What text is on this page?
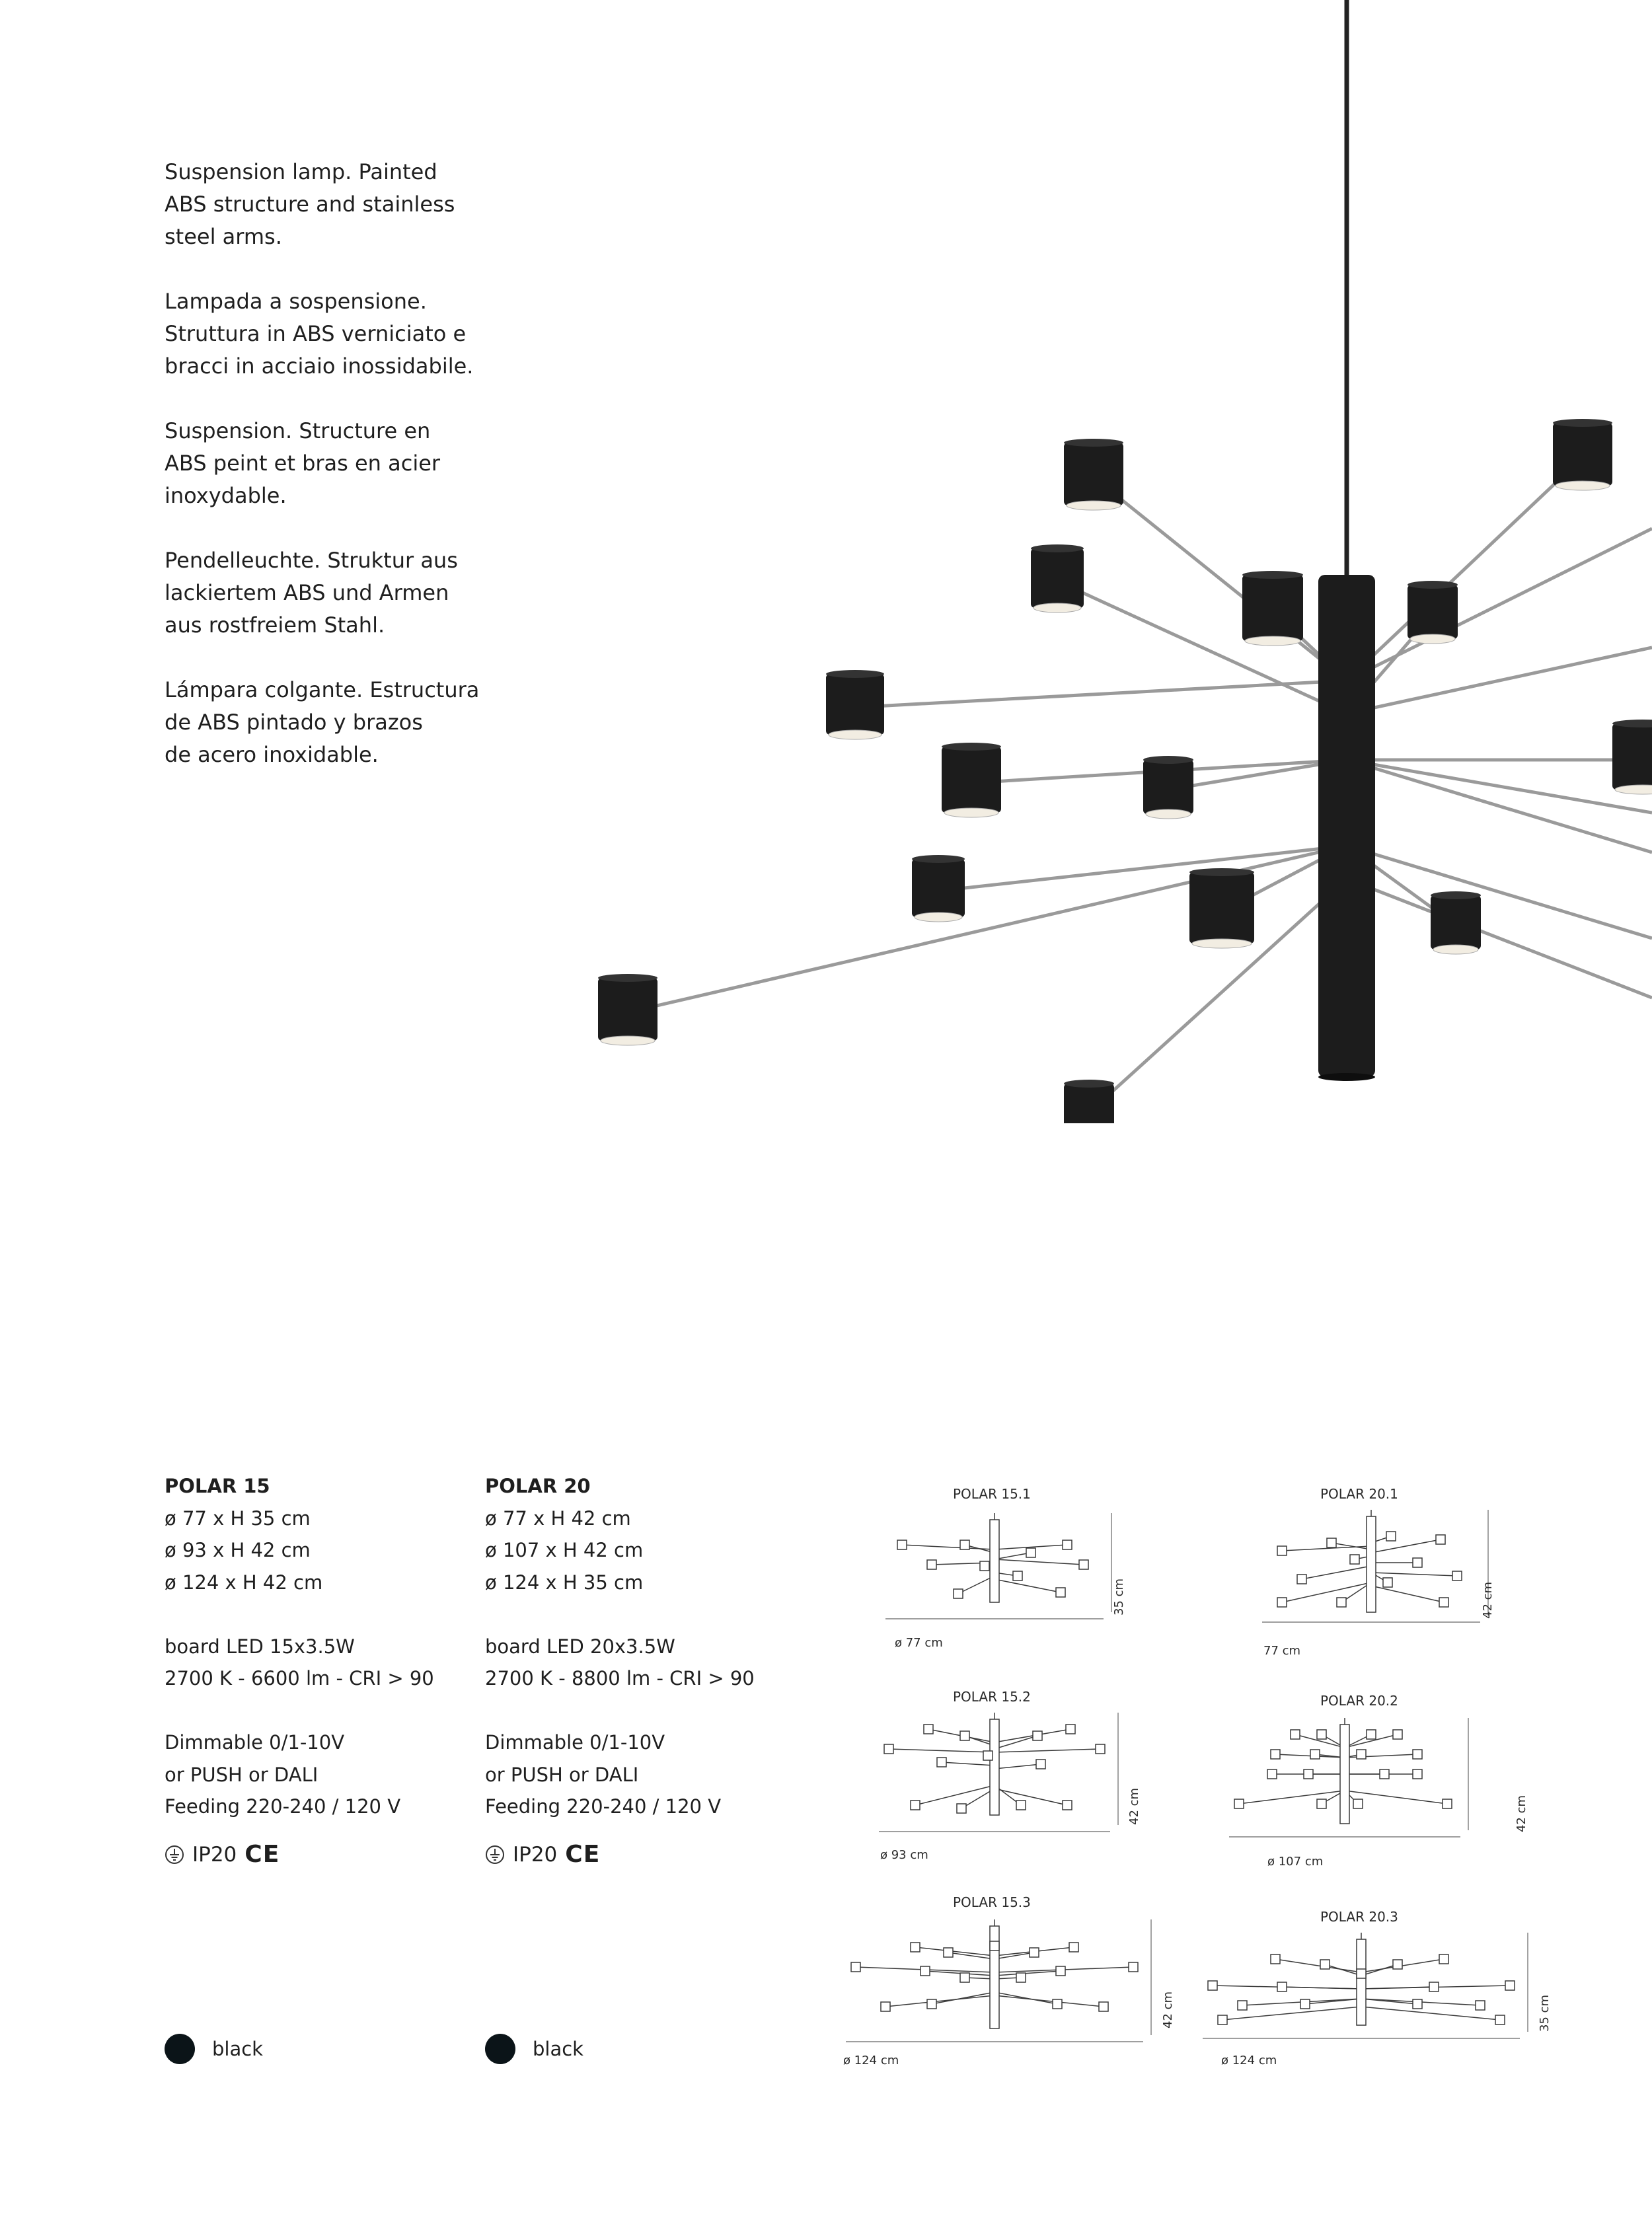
Suspension lamp. Painted
ABS structure and stainless
steel arms.

Lampada a sospensione.
Struttura in ABS verniciato e
bracci in acciaio inossidabile.

Suspension. Structure en
ABS peint et bras en acier
inoxydable.

Pendelleuchte. Struktur aus
lackiertem ABS und Armen
aus rostfreiem Stahl.

Lámpara colgante. Estructura
de ABS pintado y brazos
de acero inoxidable.

POLAR 15
ø 77 x H 35 cm
ø 93 x H 42 cm
ø 124 x H 42 cm
board LED 15x3.5W
2700 K - 6600 lm - CRI > 90
Dimmable 0/1-10V
or PUSH or DALI
Feeding 220-240 / 120 V
IP20 CE
POLAR 20
ø 77 x H 42 cm
ø 107 x H 42 cm
ø 124 x H 35 cm
board LED 20x3.5W
2700 K - 8800 lm - CRI > 90
Dimmable 0/1-10V
or PUSH or DALI
Feeding 220-240 / 120 V
IP20 CE
black	black
POLAR 15.1
ø 77 cm
35 cm
POLAR 20.1
77 cm
42 cm
POLAR 15.2
ø 93 cm
42 cm
POLAR 20.2
ø 107 cm
42 cm
POLAR 15.3
ø 124 cm
42 cm
POLAR 20.3
ø 124 cm
35 cm
